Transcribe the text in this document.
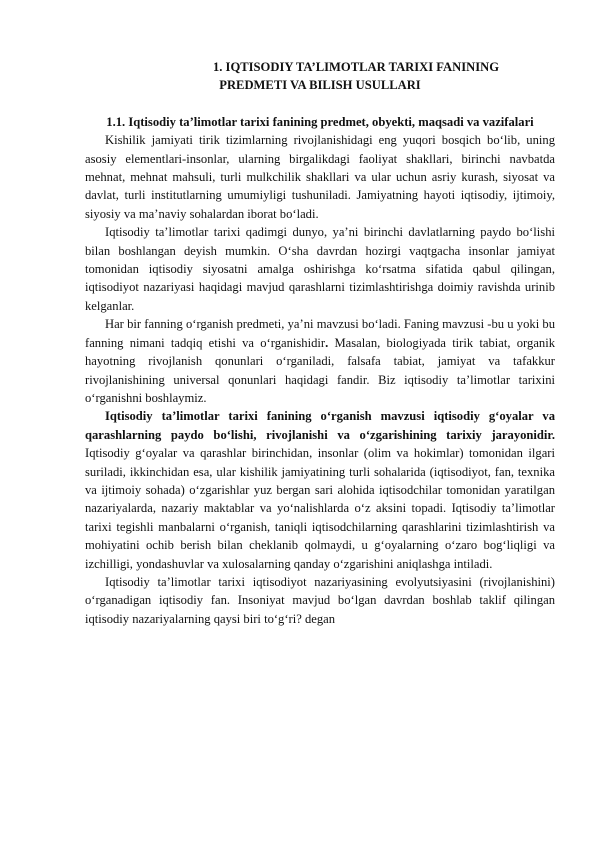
1. IQTISODIY TA’LIMOTLAR TARIXI FANINING
PREDMETI VA BILISH USULLARI
1.1. Iqtisodiy ta’limotlar tarixi fanining predmet, obyekti, maqsadi va vazifalari

Kishilik jamiyati tirik tizimlarning rivojlanishidagi eng yuqori bosqich bo‘lib, uning asosiy elementlari-insonlar, ularning birgalikdagi faoliyat shakllari, birinchi navbatda mehnat, mehnat mahsuli, turli mulkchilik shakllari va ular uchun asriy kurash, siyosat va davlat, turli institutlarning umumiyligi tushuniladi. Jamiyatning hayoti iqtisodiy, ijtimoiy, siyosiy va ma’naviy sohalardan iborat bo‘ladi.

Iqtisodiy ta’limotlar tarixi qadimgi dunyo, ya’ni birinchi davlatlarning paydo bo‘lishi bilan boshlangan deyish mumkin. O‘sha davrdan hozirgi vaqtgacha insonlar jamiyat tomonidan iqtisodiy siyosatni amalga oshirishga ko‘rsatma sifatida qabul qilingan, iqtisodiyot nazariyasi haqidagi mavjud qarashlarni tizimlashtirishga doimiy ravishda urinib kelganlar.

Har bir fanning o‘rganish predmeti, ya’ni mavzusi bo‘ladi. Faning mavzusi -bu u yoki bu fanning nimani tadqiq etishi va o‘rganishidir. Masalan, biologiyada tirik tabiat, organik hayotning rivojlanish qonunlari o‘rganiladi, falsafa tabiat, jamiyat va tafakkur rivojlanishining universal qonunlari haqidagi fandir. Biz iqtisodiy ta’limotlar tarixini o‘rganishni boshlaymiz.

Iqtisodiy ta’limotlar tarixi fanining o‘rganish mavzusi iqtisodiy g‘oyalar va qarashlarning paydo bo‘lishi, rivojlanishi va o‘zgarishining tarixiy jarayonidir. Iqtisodiy g‘oyalar va qarashlar birinchidan, insonlar (olim va hokimlar) tomonidan ilgari suriladi, ikkinchidan esa, ular kishilik jamiyatining turli sohalarida (iqtisodiyot, fan, texnika va ijtimoiy sohada) o‘zgarishlar yuz bergan sari alohida iqtisodchilar tomonidan yaratilgan nazariyalarda, nazariy maktablar va yo‘nalishlarda o‘z aksini topadi. Iqtisodiy ta’limotlar tarixi tegishli manbalarni o‘rganish, taniqli iqtisodchilarning qarashlarini tizimlashtirish va mohiyatini ochib berish bilan cheklanib qolmaydi, u g‘oyalarning o‘zaro bog‘liqligi va izchilligi, yondashuvlar va xulosalarning qanday o‘zgarishini aniqlashga intiladi.

Iqtisodiy ta’limotlar tarixi iqtisodiyot nazariyasining evolyutsiyasini (rivojlanishini) o‘rganadigan iqtisodiy fan. Insoniyat mavjud bo‘lgan davrdan boshlab taklif qilingan iqtisodiy nazariyalarning qaysi biri to‘g‘ri? degan
